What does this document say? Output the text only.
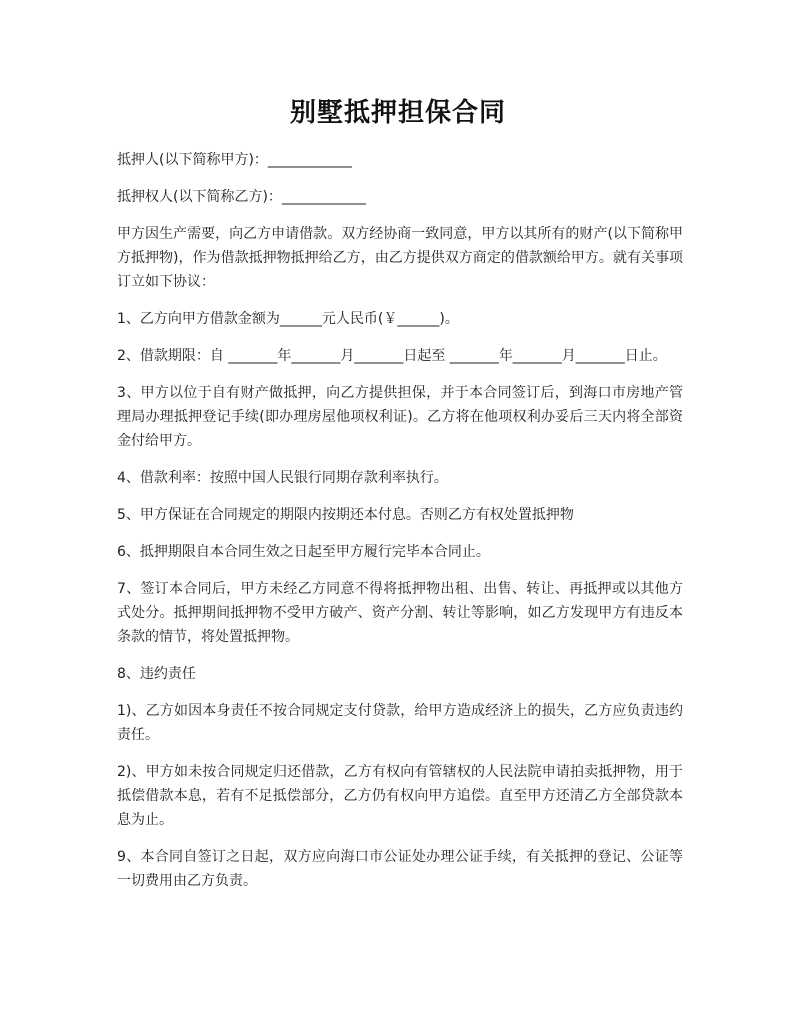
别墅抵押担保合同

抵押人(以下简称甲方)：____________

抵押权人(以下简称乙方)：____________

甲方因生产需要，向乙方申请借款。双方经协商一致同意，甲方以其所有的财产(以下简称甲方抵押物)，作为借款抵押物抵押给乙方，由乙方提供双方商定的借款额给甲方。就有关事项订立如下协议：

1、乙方向甲方借款金额为______元人民币(￥______)。

2、借款期限：自 _______年_______月_______日起至 _______年_______月_______日止。

3、甲方以位于自有财产做抵押，向乙方提供担保，并于本合同签订后，到海口市房地产管理局办理抵押登记手续(即办理房屋他项权利证)。乙方将在他项权利办妥后三天内将全部资金付给甲方。

4、借款利率：按照中国人民银行同期存款利率执行。

5、甲方保证在合同规定的期限内按期还本付息。否则乙方有权处置抵押物

6、抵押期限自本合同生效之日起至甲方履行完毕本合同止。

7、签订本合同后，甲方未经乙方同意不得将抵押物出租、出售、转让、再抵押或以其他方式处分。抵押期间抵押物不受甲方破产、资产分割、转让等影响，如乙方发现甲方有违反本条款的情节，将处置抵押物。

8、违约责任

1)、乙方如因本身责任不按合同规定支付贷款，给甲方造成经济上的损失，乙方应负责违约责任。

2)、甲方如未按合同规定归还借款，乙方有权向有管辖权的人民法院申请拍卖抵押物，用于抵偿借款本息，若有不足抵偿部分，乙方仍有权向甲方追偿。直至甲方还清乙方全部贷款本息为止。

9、本合同自签订之日起，双方应向海口市公证处办理公证手续，有关抵押的登记、公证等一切费用由乙方负责。
